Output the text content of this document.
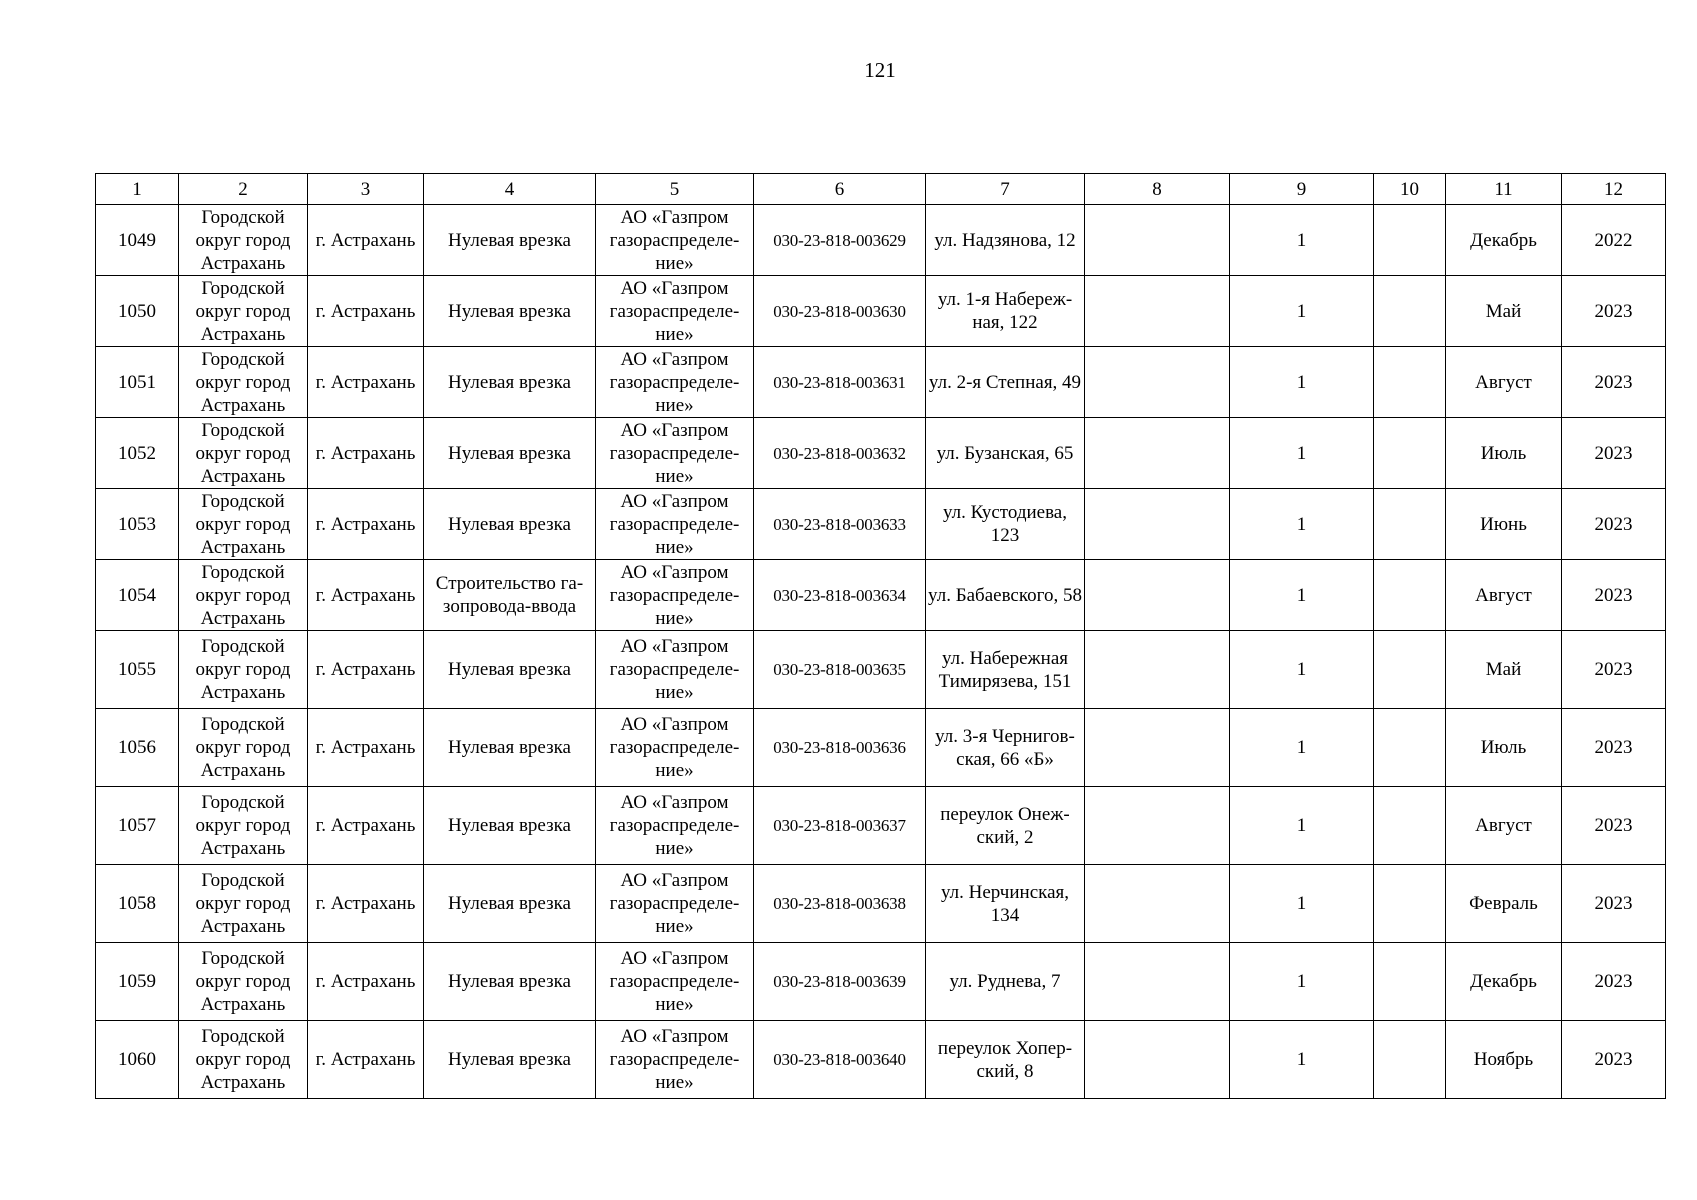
121
1	2	3	4	5	6	7	8	9	10	11	12
1049	Городской округ город Астрахань	г. Астрахань	Нулевая врезка	АО «Газпром газораспределе-ние»	030-23-818-003629	ул. Надзянова, 12		1		Декабрь	2022
1050	Городской округ город Астрахань	г. Астрахань	Нулевая врезка	АО «Газпром газораспределе-ние»	030-23-818-003630	ул. 1-я Набереж-ная, 122		1		Май	2023
1051	Городской округ город Астрахань	г. Астрахань	Нулевая врезка	АО «Газпром газораспределе-ние»	030-23-818-003631	ул. 2-я Степная, 49		1		Август	2023
1052	Городской округ город Астрахань	г. Астрахань	Нулевая врезка	АО «Газпром газораспределе-ние»	030-23-818-003632	ул. Бузанская, 65		1		Июль	2023
1053	Городской округ город Астрахань	г. Астрахань	Нулевая врезка	АО «Газпром газораспределе-ние»	030-23-818-003633	ул. Кустодиева, 123		1		Июнь	2023
1054	Городской округ город Астрахань	г. Астрахань	Строительство га-зопровода-ввода	АО «Газпром газораспределе-ние»	030-23-818-003634	ул. Бабаевского, 58		1		Август	2023
1055	Городской округ город Астрахань	г. Астрахань	Нулевая врезка	АО «Газпром газораспределе-ние»	030-23-818-003635	ул. Набережная Тимирязева, 151		1		Май	2023
1056	Городской округ город Астрахань	г. Астрахань	Нулевая врезка	АО «Газпром газораспределе-ние»	030-23-818-003636	ул. 3-я Чернигов-ская, 66 «Б»		1		Июль	2023
1057	Городской округ город Астрахань	г. Астрахань	Нулевая врезка	АО «Газпром газораспределе-ние»	030-23-818-003637	переулок Онеж-ский, 2		1		Август	2023
1058	Городской округ город Астрахань	г. Астрахань	Нулевая врезка	АО «Газпром газораспределе-ние»	030-23-818-003638	ул. Нерчинская, 134		1		Февраль	2023
1059	Городской округ город Астрахань	г. Астрахань	Нулевая врезка	АО «Газпром газораспределе-ние»	030-23-818-003639	ул. Руднева, 7		1		Декабрь	2023
1060	Городской округ город Астрахань	г. Астрахань	Нулевая врезка	АО «Газпром газораспределе-ние»	030-23-818-003640	переулок Хопер-ский, 8		1		Ноябрь	2023
